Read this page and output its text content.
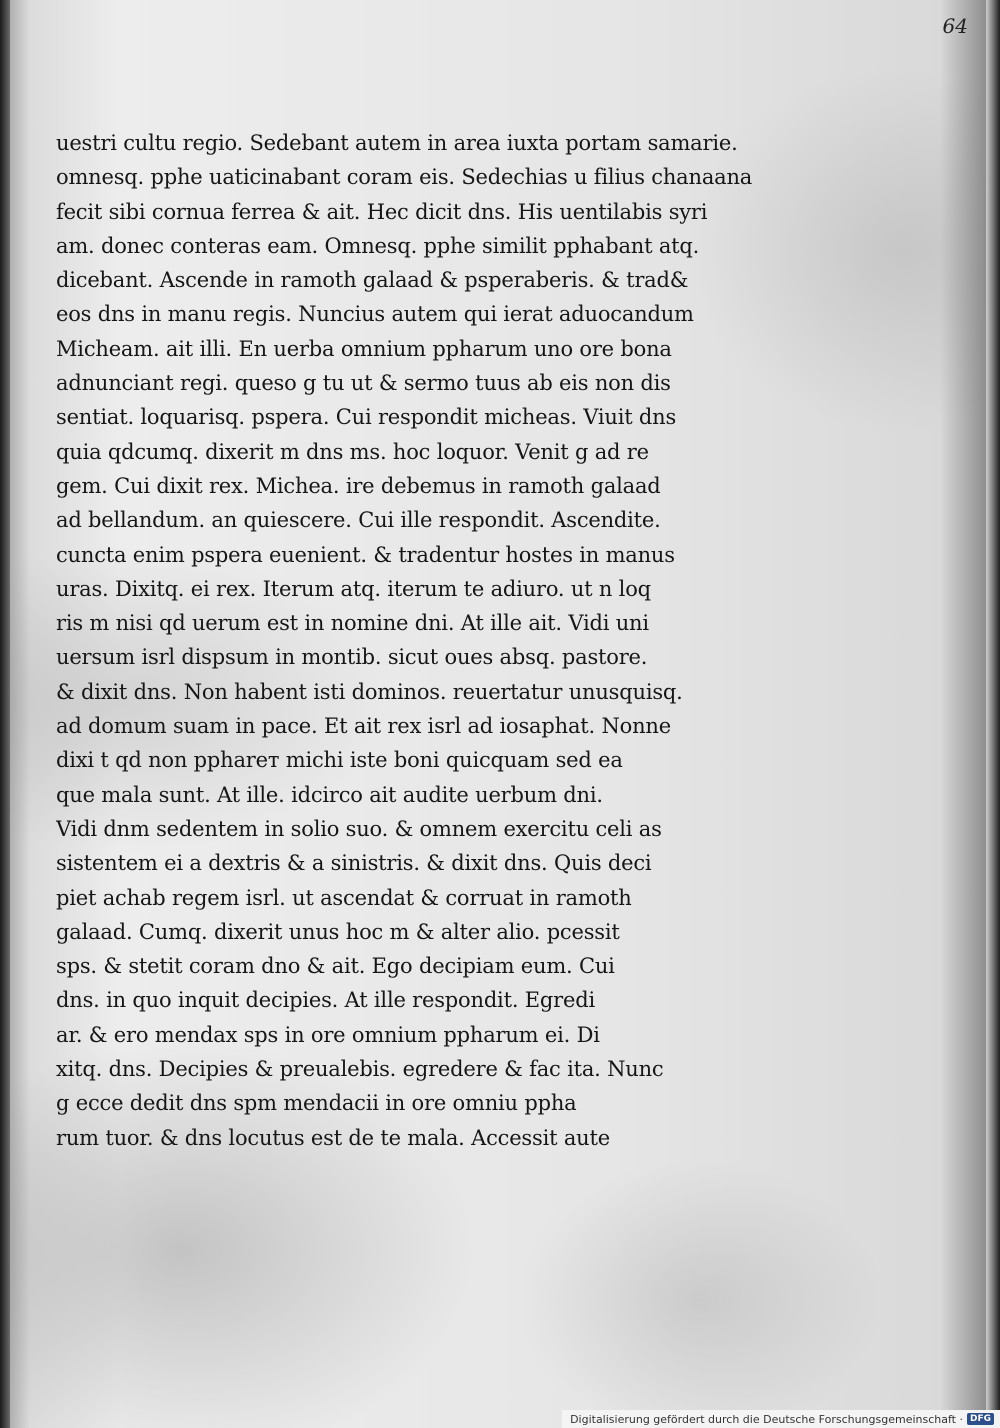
64
uestri cultu regio. Sedebant autem in area iuxta portam samarie.
omnesq. pphe uaticinabant coram eis. Sedechias u filius chanaana
fecit sibi cornua ferrea & ait. Hec dicit dns. His uentilabis syri
am. donec conteras eam. Omnesq. pphe similit pphabant atq.
dicebant. Ascende in ramoth galaad & psperaberis. & trad&
eos dns in manu regis. Nuncius autem qui ierat aduocandum
Micheam. ait illi. En uerba omnium ppharum uno ore bona
adnunciant regi. queso g tu ut & sermo tuus ab eis non dis
sentiat. loquarisq. pspera. Cui respondit micheas. Viuit dns
quia qdcumq. dixerit m dns ms. hoc loquor. Venit g ad re
gem. Cui dixit rex. Michea. ire debemus in ramoth galaad
ad bellandum. an quiescere. Cui ille respondit. Ascendite.
cuncta enim pspera euenient. & tradentur hostes in manus
uras. Dixitq. ei rex. Iterum atq. iterum te adiuro. ut n loq
ris m nisi qd uerum est in nomine dni. At ille ait. Vidi uni
uersum isrl dispsum in montib. sicut oues absq. pastore.
& dixit dns. Non habent isti dominos. reuertatur unusquisq.
ad domum suam in pace. Et ait rex isrl ad iosaphat. Nonne
dixi t qd non pphareт michi iste boni quicquam sed ea
que mala sunt. At ille. idcirco ait audite uerbum dni.
Vidi dnm sedentem in solio suo. & omnem exercitu celi as
sistentem ei a dextris & a sinistris. & dixit dns. Quis deci
piet achab regem isrl. ut ascendat & corruat in ramoth
galaad. Cumq. dixerit unus hoc m & alter alio. pcessit
sps. & stetit coram dno & ait. Ego decipiam eum. Cui
dns. in quo inquit decipies. At ille respondit. Egredi
ar. & ero mendax sps in ore omnium ppharum ei. Di
xitq. dns. Decipies & preualebis. egredere & fac ita. Nunc
g ecce dedit dns spm mendacii in ore omniu ppha
rum tuor. & dns locutus est de te mala. Accessit aute
Digitalisierung gefördert durch die Deutsche Forschungsgemeinschaft · DFG
